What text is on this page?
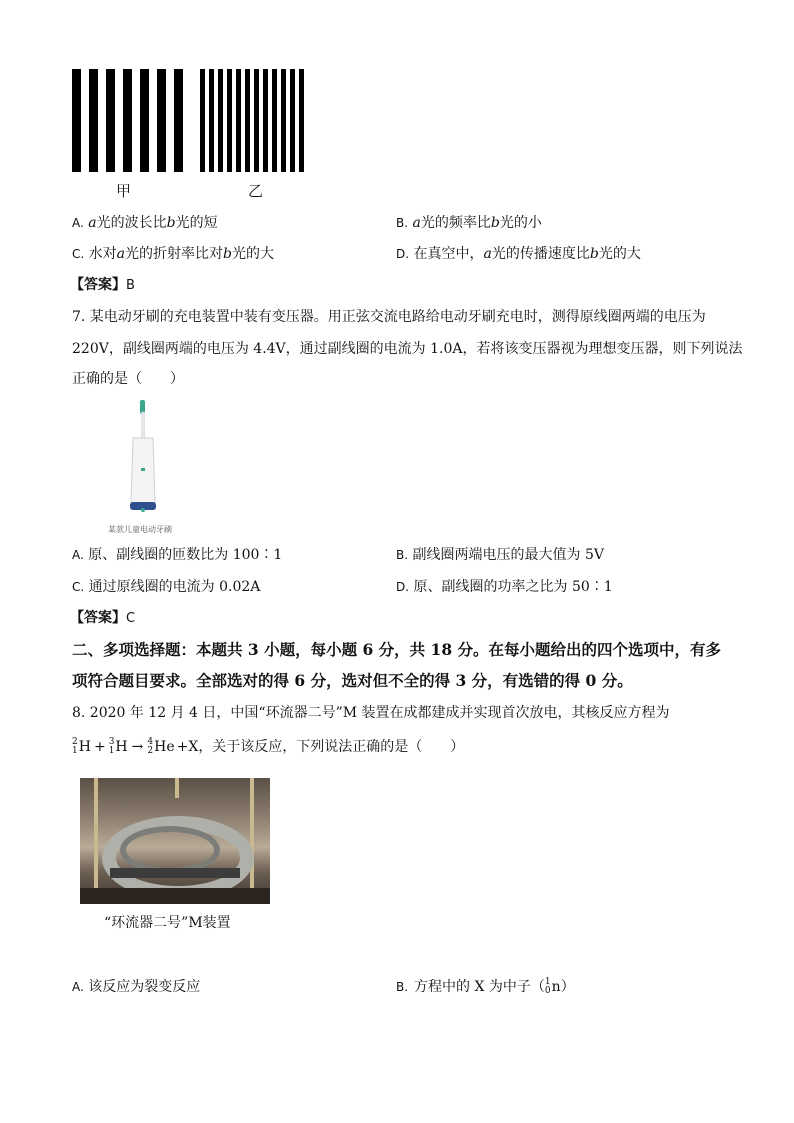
甲	乙
A. a光的波长比b光的短	B. a光的频率比b光的小
C. 水对a光的折射率比对b光的大	D. 在真空中，a光的传播速度比b光的大
【答案】B
7. 某电动牙刷的充电装置中装有变压器。用正弦交流电路给电动牙刷充电时，测得原线圈两端的电压为
220V，副线圈两端的电压为 4.4V，通过副线圈的电流为 1.0A，若将该变压器视为理想变压器，则下列说法
正确的是（　　）
某款儿童电动牙刷
A. 原、副线圈的匝数比为 100∶1	B. 副线圈两端电压的最大值为 5V
C. 通过原线圈的电流为 0.02A	D. 原、副线圈的功率之比为 50∶1
【答案】C
二、多项选择题：本题共 3 小题，每小题 6 分，共 18 分。在每小题给出的四个选项中，有多
项符合题目要求。全部选对的得 6 分，选对但不全的得 3 分，有选错的得 0 分。
8. 2020 年 12 月 4 日，中国“环流器二号”M 装置在成都建成并实现首次放电，其核反应方程为
2
1 H + 3
1 H → 4
2 He +X ，关于该反应，下列说法正确的是（　　）
“环流器二号”M装置
A. 该反应为裂变反应	B. 方程中的 X 为中子（ 1
0 n ）
